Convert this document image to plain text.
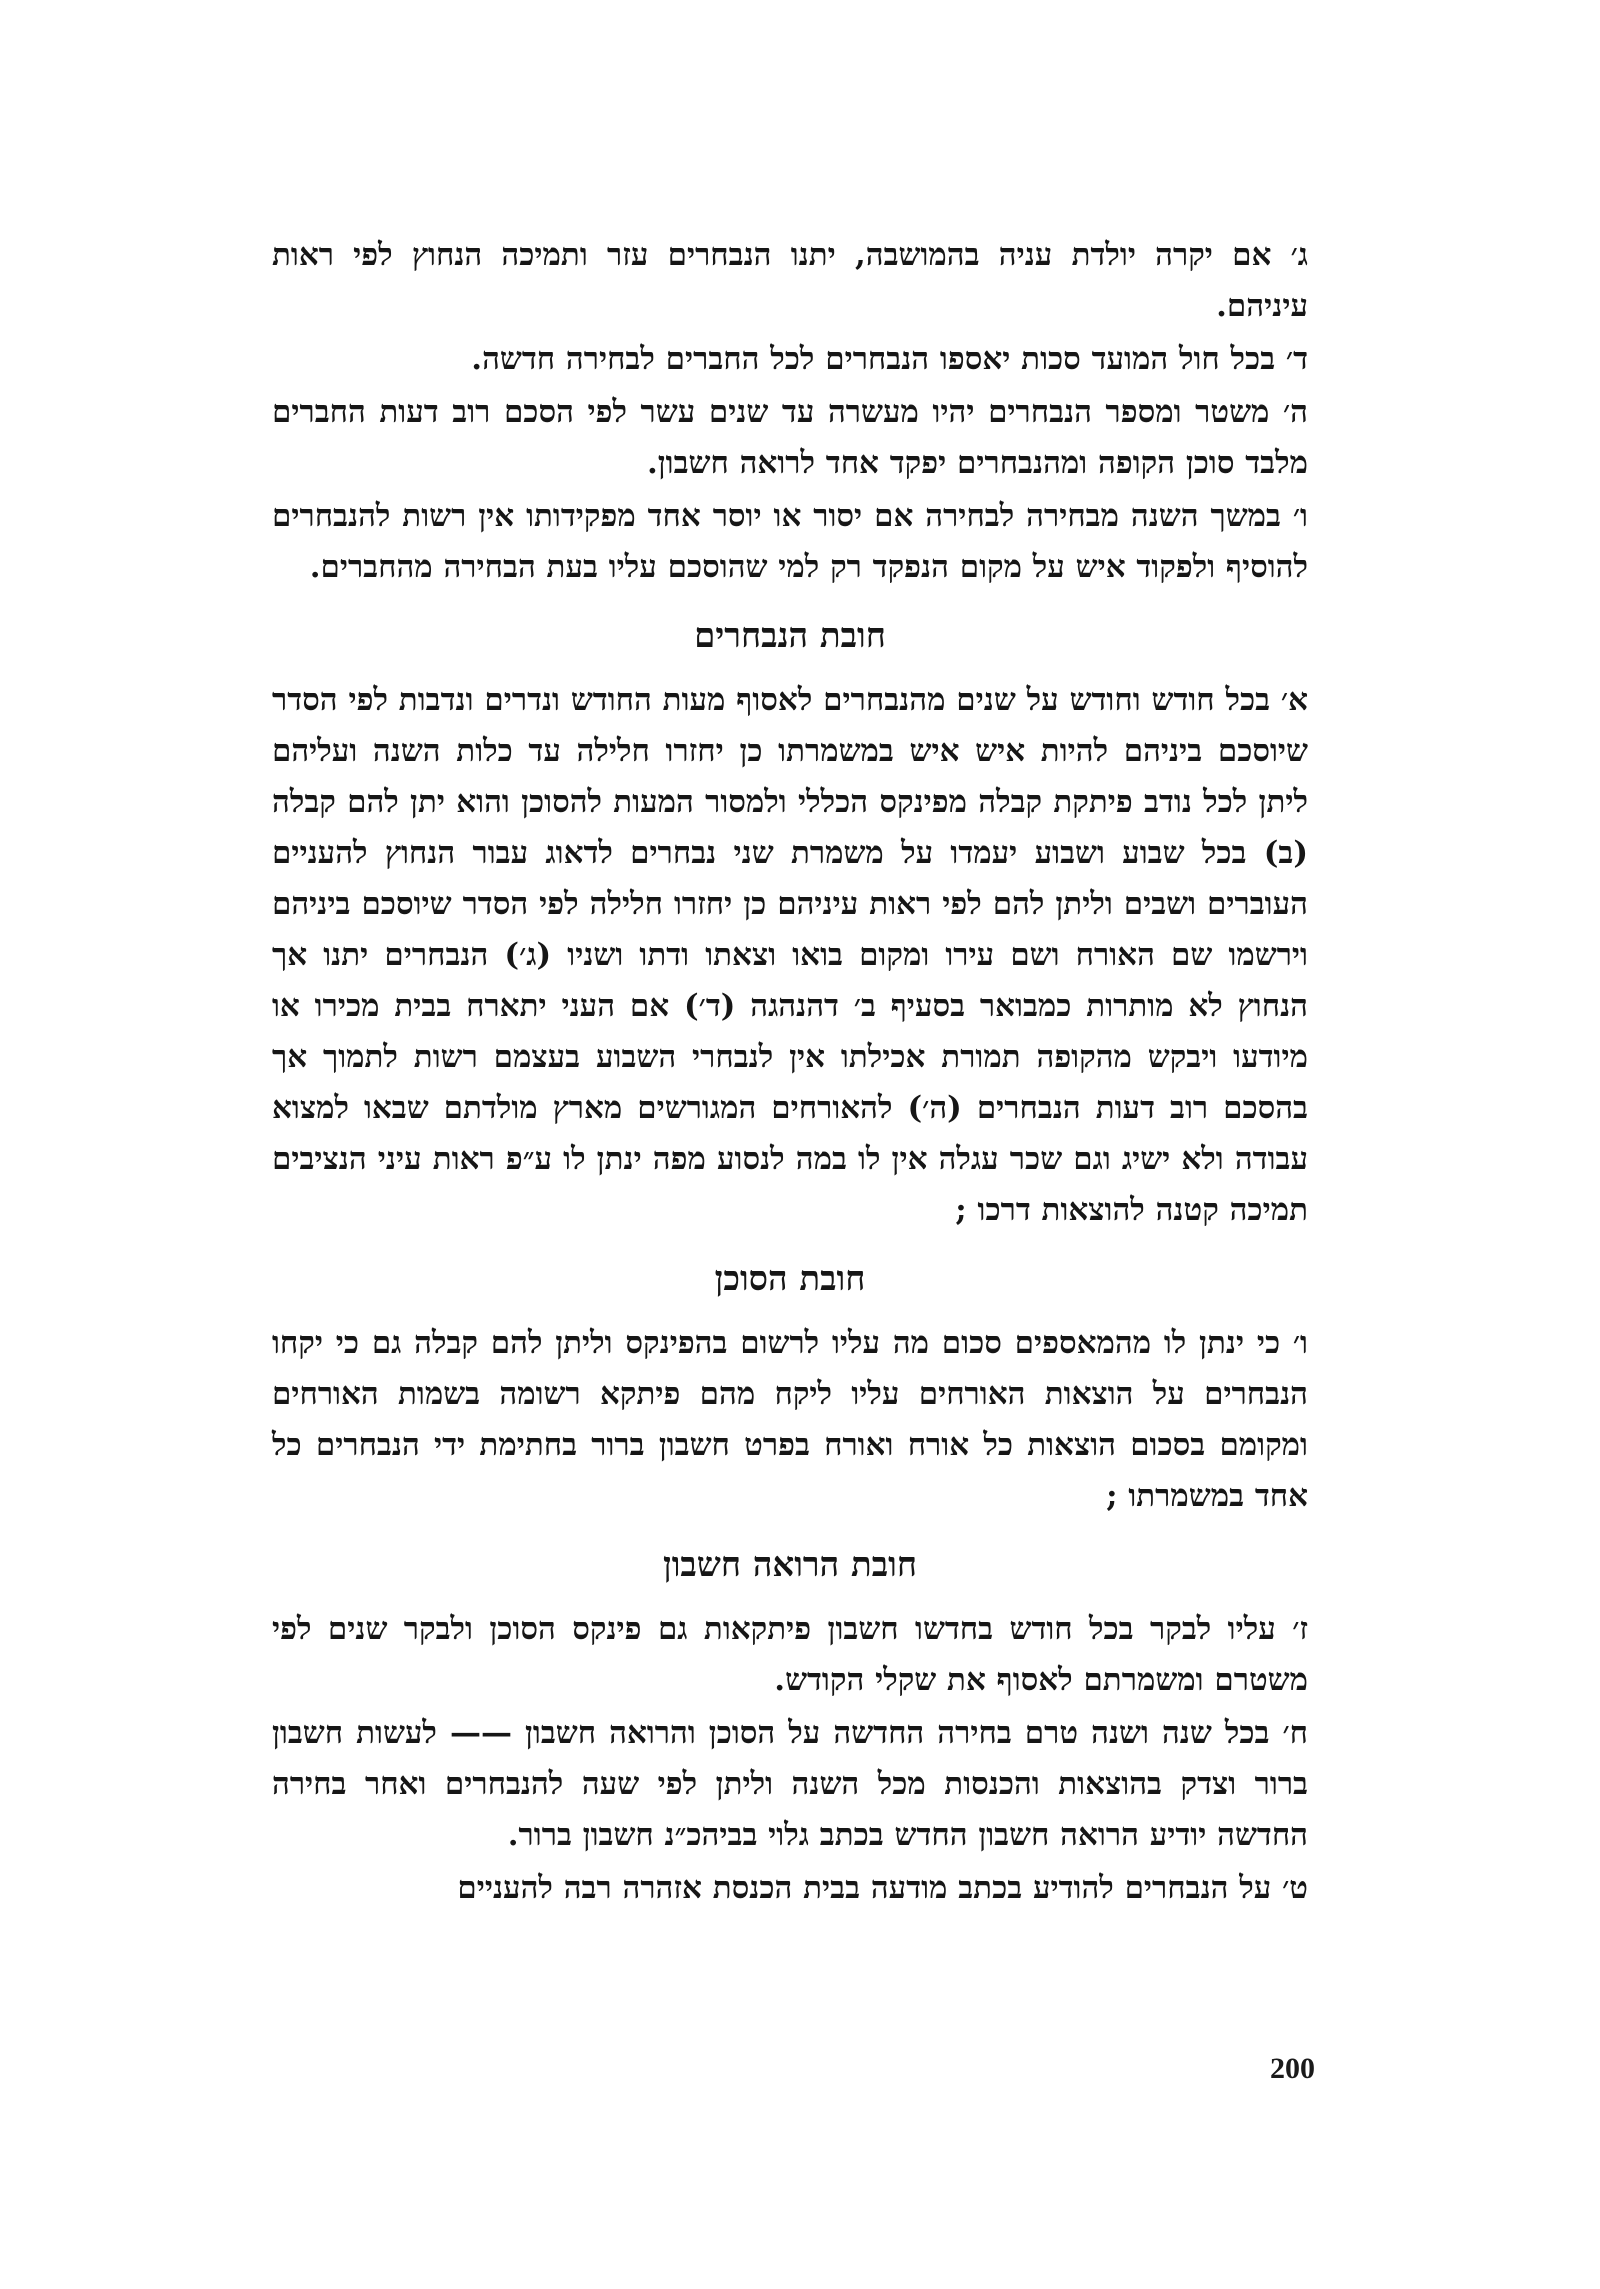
ג׳ אם יקרה יולדת עניה בהמושבה, יתנו הנבחרים עזר ותמיכה הנחוץ לפי ראות עיניהם.

ד׳ בכל חול המועד סכות יאספו הנבחרים לכל החברים לבחירה חדשה.

ה׳ משטר ומספר הנבחרים יהיו מעשרה עד שנים עשר לפי הסכם רוב דעות החברים מלבד סוכן הקופה ומהנבחרים יפקד אחד לרואה חשבון.

ו׳ במשך השנה מבחירה לבחירה אם יסור או יוסר אחד מפקידותו אין רשות להנבחרים להוסיף ולפקוד איש על מקום הנפקד רק למי שהוסכם עליו בעת הבחירה מהחברים.

חובת הנבחרים

א׳ בכל חודש וחודש על שנים מהנבחרים לאסוף מעות החודש ונדרים ונדבות לפי הסדר שיוסכם ביניהם להיות איש איש במשמרתו כן יחזרו חלילה עד כלות השנה ועליהם ליתן לכל נודב פיתקת קבלה מפינקס הכללי ולמסור המעות להסוכן והוא יתן להם קבלה (ב) בכל שבוע ושבוע יעמדו על משמרת שני נבחרים לדאוג עבור הנחוץ להעניים העוברים ושבים וליתן להם לפי ראות עיניהם כן יחזרו חלילה לפי הסדר שיוסכם ביניהם וירשמו שם האורח ושם עירו ומקום בואו וצאתו ודתו ושניו (ג׳) הנבחרים יתנו אך הנחוץ לא מותרות כמבואר בסעיף ב׳ דהנהגה (ד׳) אם העני יתארח בבית מכירו או מיודעו ויבקש מהקופה תמורת אכילתו אין לנבחרי השבוע בעצמם רשות לתמוך אך בהסכם רוב דעות הנבחרים (ה׳) להאורחים המגורשים מארץ מולדתם שבאו למצוא עבודה ולא ישיג וגם שכר עגלה אין לו במה לנסוע מפה ינתן לו ע״פ ראות עיני הנציבים תמיכה קטנה להוצאות דרכו ;

חובת הסוכן

ו׳ כי ינתן לו מהמאספים סכום מה עליו לרשום בהפינקס וליתן להם קבלה גם כי יקחו הנבחרים על הוצאות האורחים עליו ליקח מהם פיתקא רשומה בשמות האורחים ומקומם בסכום הוצאות כל אורח ואורח בפרט חשבון ברור בחתימת ידי הנבחרים כל אחד במשמרתו ;

חובת הרואה חשבון

ז׳ עליו לבקר בכל חודש בחדשו חשבון פיתקאות גם פינקס הסוכן ולבקר שנים לפי משטרם ומשמרתם לאסוף את שקלי הקודש.

ח׳ בכל שנה ושנה טרם בחירה החדשה על הסוכן והרואה חשבון —— לעשות חשבון ברור וצדק בהוצאות והכנסות מכל השנה וליתן לפי שעה להנבחרים ואחר בחירה החדשה יודיע הרואה חשבון החדש בכתב גלוי בביהכ״נ חשבון ברור.

ט׳ על הנבחרים להודיע בכתב מודעה בבית הכנסת אזהרה רבה להעניים

200
